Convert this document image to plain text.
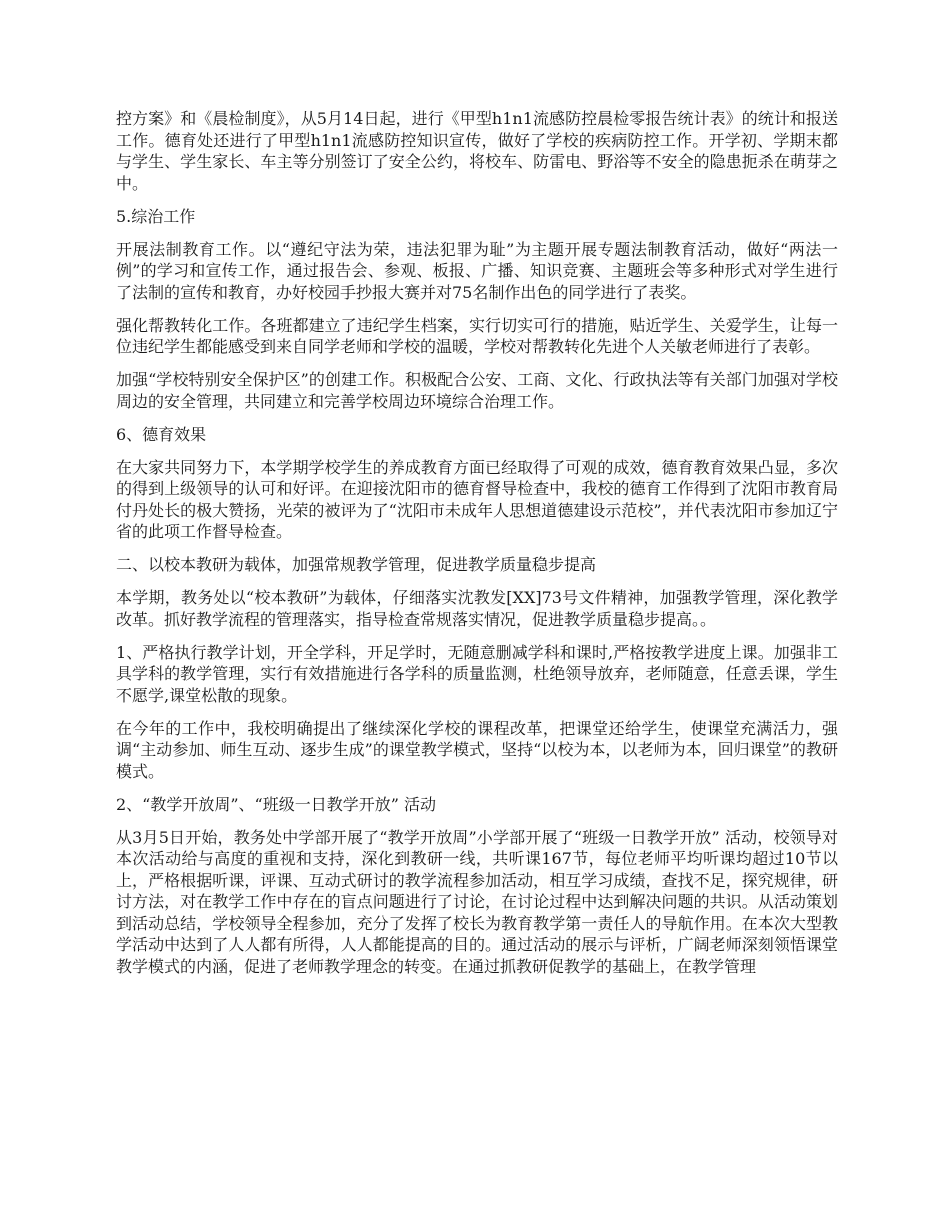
控方案》和《晨检制度》，从5月14日起，进行《甲型h1n1流感防控晨检零报告统计表》的统计和报送工作。德育处还进行了甲型h1n1流感防控知识宣传，做好了学校的疾病防控工作。开学初、学期末都与学生、学生家长、车主等分别签订了安全公约，将校车、防雷电、野浴等不安全的隐患扼杀在萌芽之中。

5.综治工作

开展法制教育工作。以“遵纪守法为荣，违法犯罪为耻”为主题开展专题法制教育活动，做好“两法一例”的学习和宣传工作，通过报告会、参观、板报、广播、知识竞赛、主题班会等多种形式对学生进行了法制的宣传和教育，办好校园手抄报大赛并对75名制作出色的同学进行了表奖。

强化帮教转化工作。各班都建立了违纪学生档案，实行切实可行的措施，贴近学生、关爱学生，让每一位违纪学生都能感受到来自同学老师和学校的温暖，学校对帮教转化先进个人关敏老师进行了表彰。

加强“学校特别安全保护区”的创建工作。积极配合公安、工商、文化、行政执法等有关部门加强对学校周边的安全管理，共同建立和完善学校周边环境综合治理工作。

6、德育效果

在大家共同努力下，本学期学校学生的养成教育方面已经取得了可观的成效，德育教育效果凸显，多次的得到上级领导的认可和好评。在迎接沈阳市的德育督导检查中，我校的德育工作得到了沈阳市教育局付丹处长的极大赞扬，光荣的被评为了“沈阳市未成年人思想道德建设示范校”，并代表沈阳市参加辽宁省的此项工作督导检查。

二、以校本教研为载体，加强常规教学管理，促进教学质量稳步提高

本学期，教务处以“校本教研”为载体，仔细落实沈教发[XX]73号文件精神，加强教学管理，深化教学改革。抓好教学流程的管理落实，指导检查常规落实情况，促进教学质量稳步提高。。

1、严格执行教学计划，开全学科，开足学时，无随意删减学科和课时,严格按教学进度上课。加强非工具学科的教学管理，实行有效措施进行各学科的质量监测，杜绝领导放弃，老师随意，任意丢课，学生不愿学,课堂松散的现象。

在今年的工作中，我校明确提出了继续深化学校的课程改革，把课堂还给学生，使课堂充满活力，强调“主动参加、师生互动、逐步生成”的课堂教学模式，坚持“以校为本，以老师为本，回归课堂”的教研模式。

2、“教学开放周”、“班级一日教学开放” 活动

从3月5日开始，教务处中学部开展了“教学开放周”小学部开展了“班级一日教学开放” 活动，校领导对本次活动给与高度的重视和支持，深化到教研一线，共听课167节，每位老师平均听课均超过10节以上，严格根据听课，评课、互动式研讨的教学流程参加活动，相互学习成绩，查找不足，探究规律，研讨方法，对在教学工作中存在的盲点问题进行了讨论，在讨论过程中达到解决问题的共识。从活动策划到活动总结，学校领导全程参加，充分了发挥了校长为教育教学第一责任人的导航作用。在本次大型教学活动中达到了人人都有所得，人人都能提高的目的。通过活动的展示与评析，广阔老师深刻领悟课堂教学模式的内涵，促进了老师教学理念的转变。在通过抓教研促教学的基础上，在教学管理
